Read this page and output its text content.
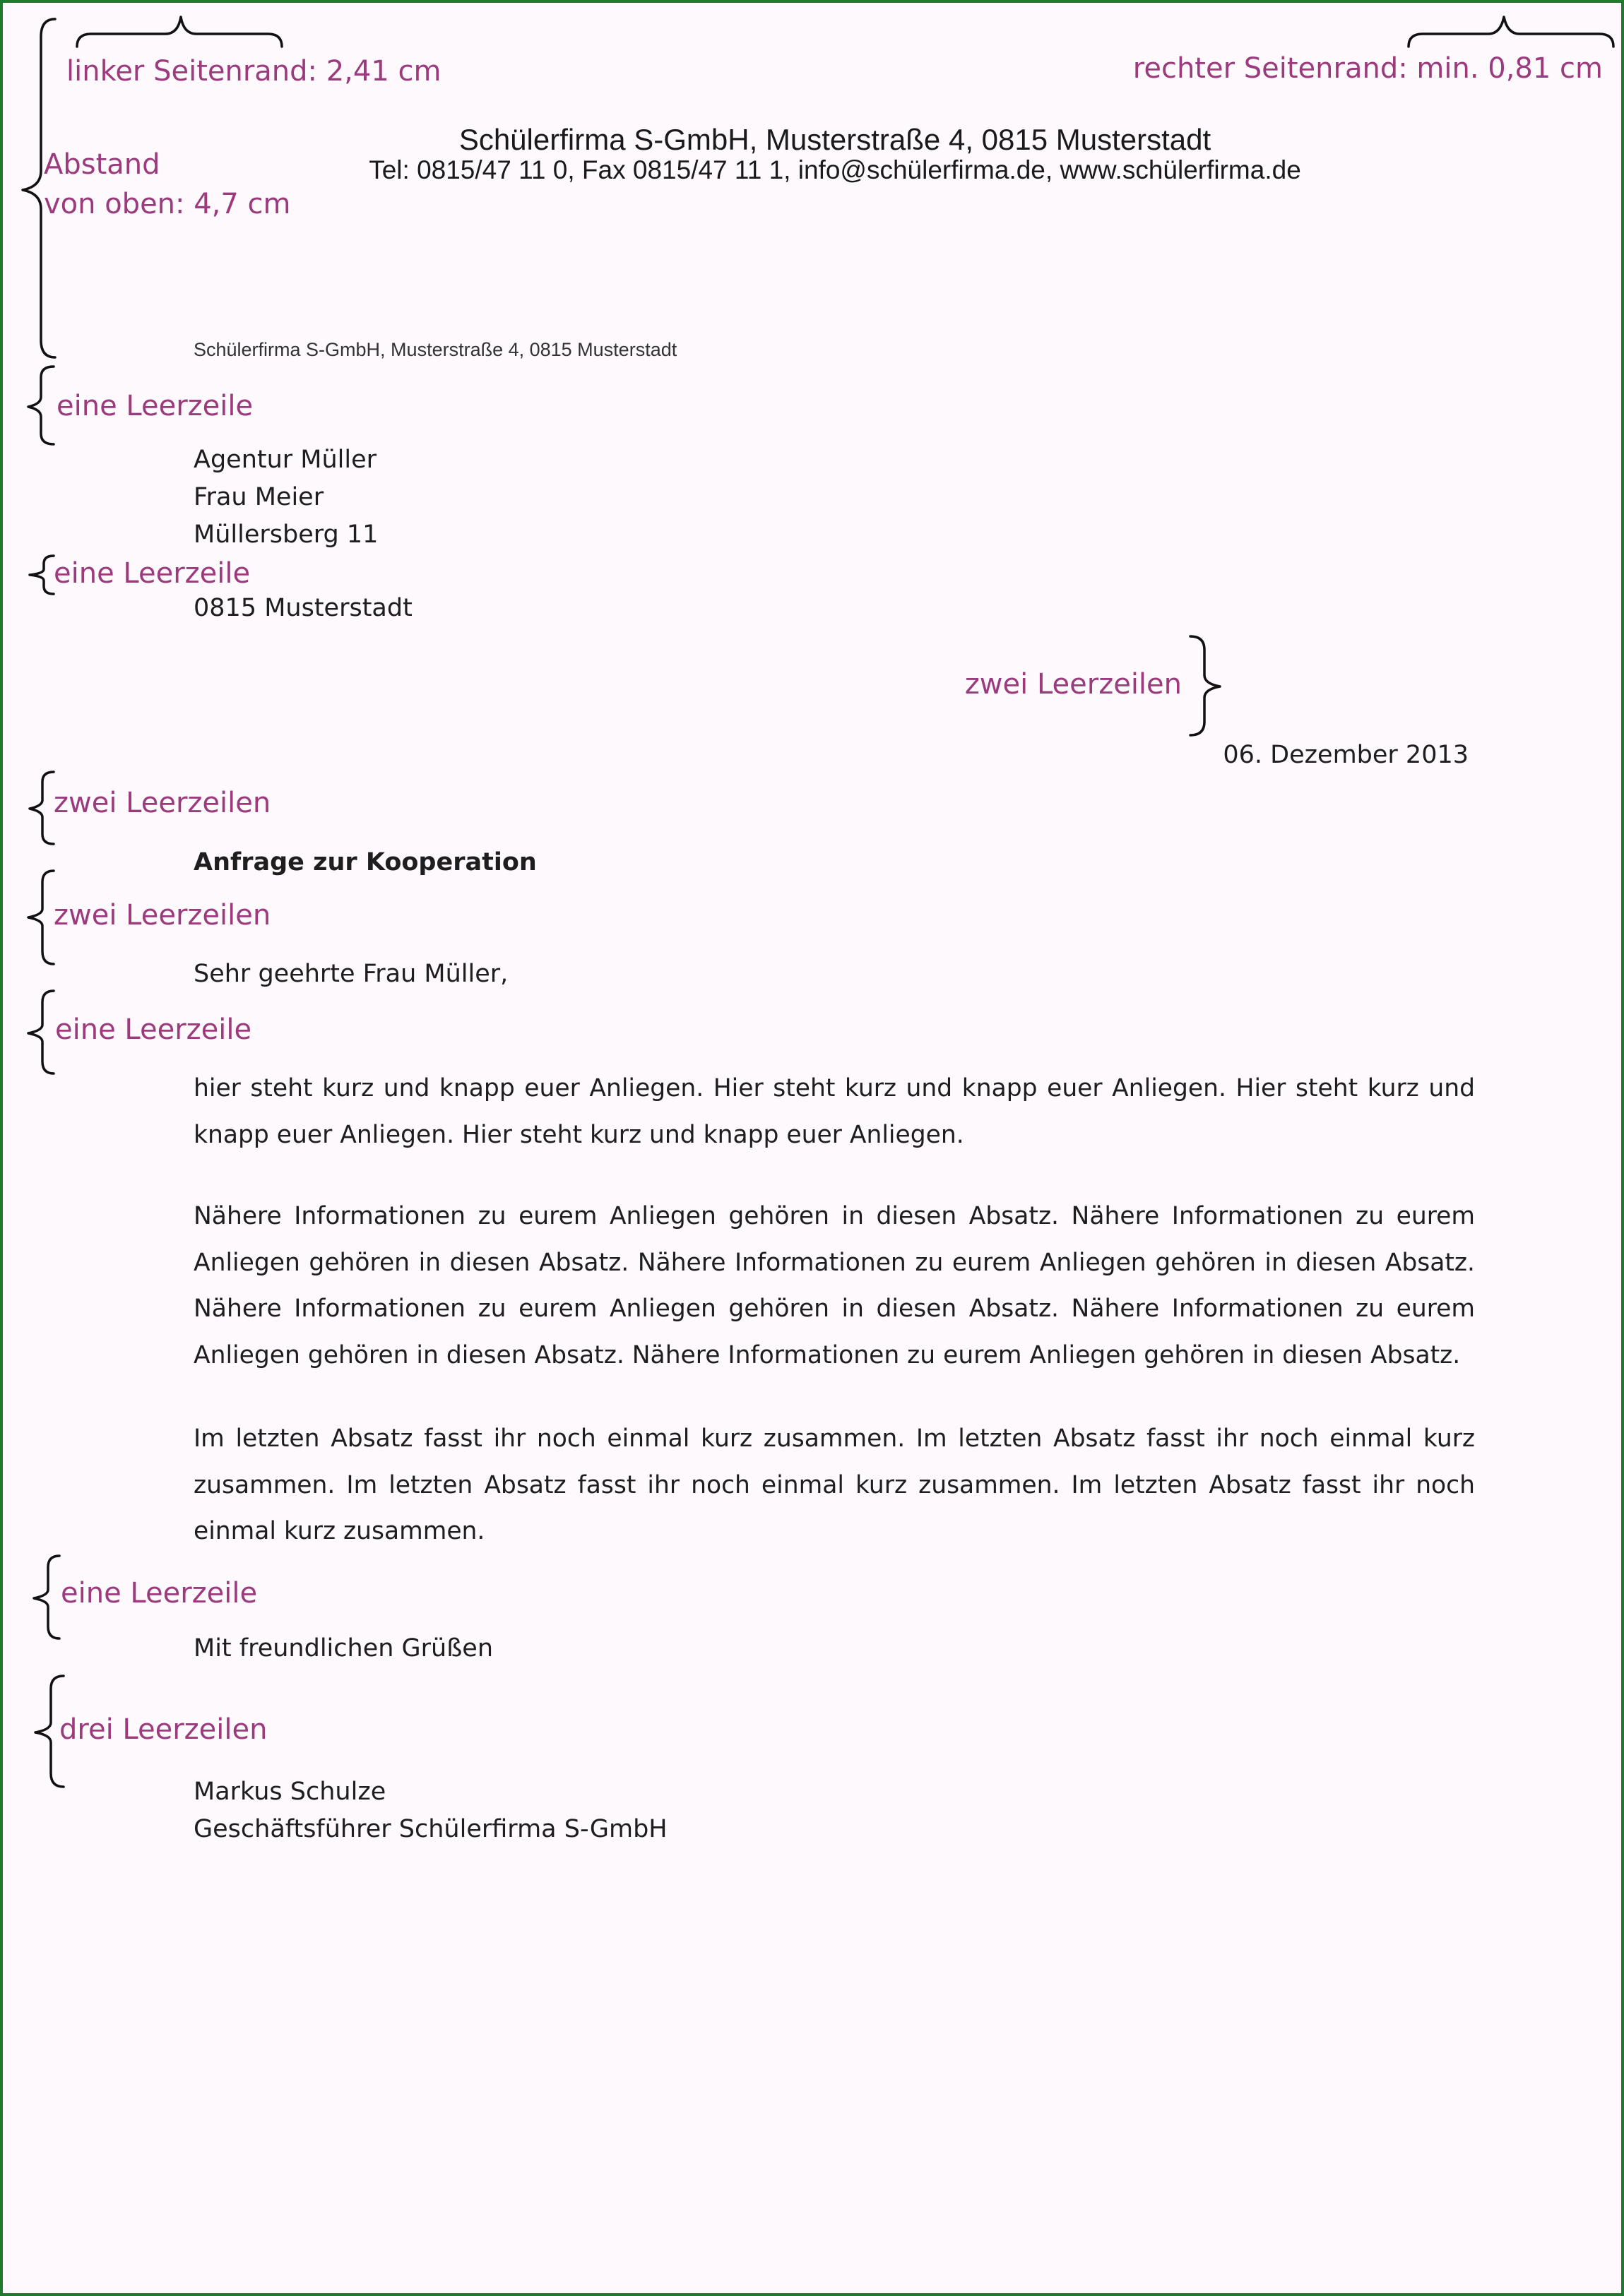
linker Seitenrand: 2,41 cm	rechter Seitenrand: min. 0,81 cm
Abstand
von oben: 4,7 cm
Schülerfirma S-GmbH, Musterstraße 4, 0815 Musterstadt
Tel: 0815/47 11 0, Fax 0815/47 11 1, info@schülerfirma.de, www.schülerfirma.de
Schülerfirma S-GmbH, Musterstraße 4, 0815 Musterstadt
eine Leerzeile
Agentur Müller
Frau Meier
Müllersberg 11
eine Leerzeile
0815 Musterstadt
zwei Leerzeilen
06. Dezember 2013
zwei Leerzeilen
Anfrage zur Kooperation
zwei Leerzeilen
Sehr geehrte Frau Müller,
eine Leerzeile
hier steht kurz und knapp euer Anliegen. Hier steht kurz und knapp euer Anliegen. Hier steht kurz und knapp euer Anliegen. Hier steht kurz und knapp euer Anliegen.
Nähere Informationen zu eurem Anliegen gehören in diesen Absatz. Nähere Informationen zu eurem Anliegen gehören in diesen Absatz. Nähere Informationen zu eurem Anliegen gehören in diesen Absatz. Nähere Informationen zu eurem Anliegen gehören in diesen Absatz. Nähere Informationen zu eurem Anliegen gehören in diesen Absatz. Nähere Informationen zu eurem Anliegen gehören in diesen Absatz.
Im letzten Absatz fasst ihr noch einmal kurz zusammen. Im letzten Absatz fasst ihr noch einmal kurz zusammen. Im letzten Absatz fasst ihr noch einmal kurz zusammen. Im letzten Absatz fasst ihr noch einmal kurz zusammen.
eine Leerzeile
Mit freundlichen Grüßen
drei Leerzeilen
Markus Schulze
Geschäftsführer Schülerfirma S-GmbH
